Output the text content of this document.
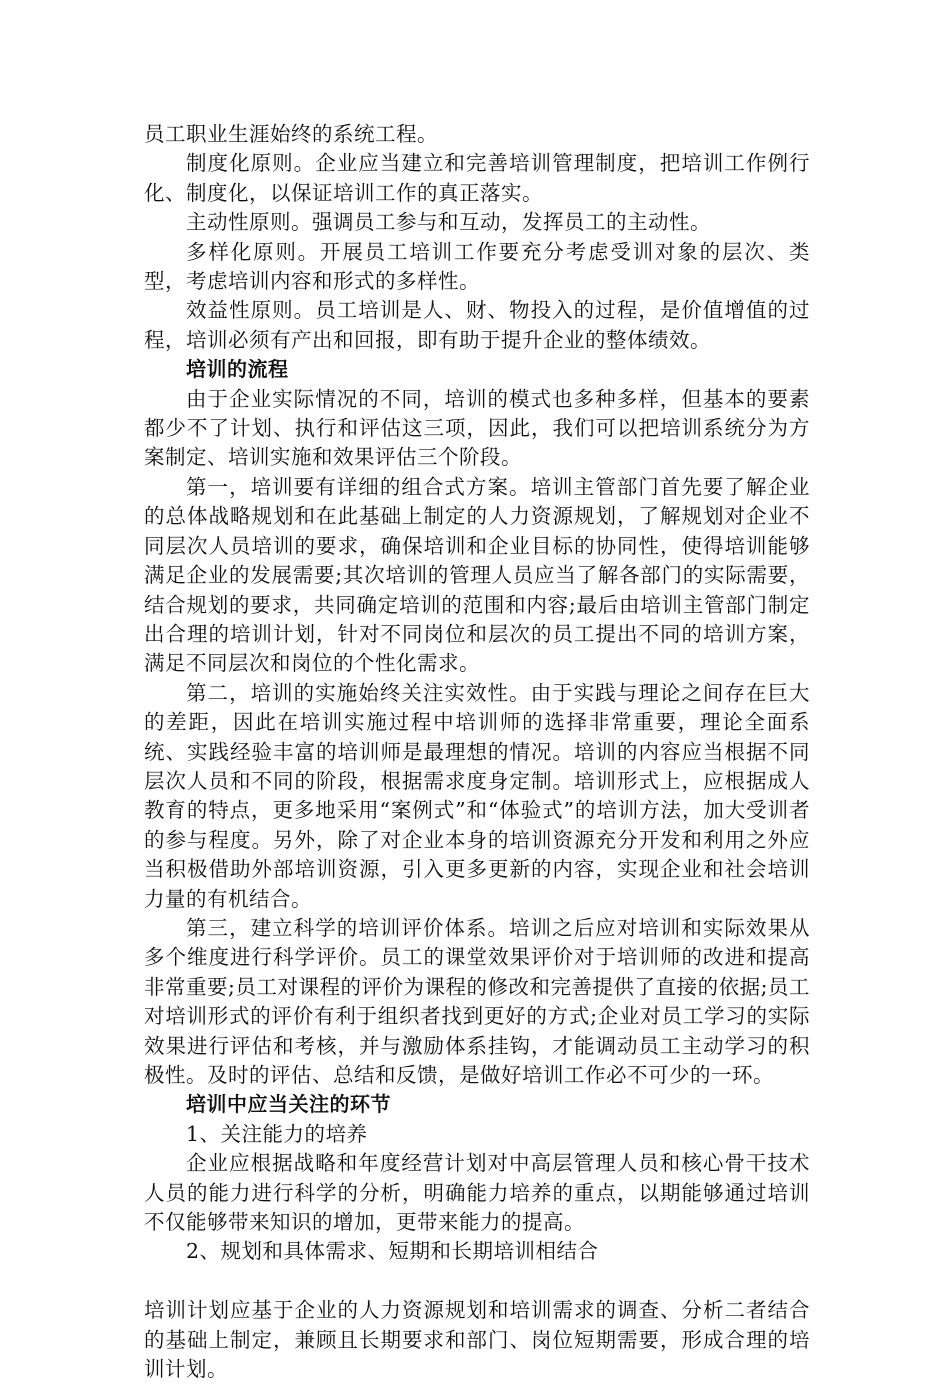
员工职业生涯始终的系统工程。

制度化原则。企业应当建立和完善培训管理制度，把培训工作例行化、制度化，以保证培训工作的真正落实。

主动性原则。强调员工参与和互动，发挥员工的主动性。

多样化原则。开展员工培训工作要充分考虑受训对象的层次、类型，考虑培训内容和形式的多样性。

效益性原则。员工培训是人、财、物投入的过程，是价值增值的过程，培训必须有产出和回报，即有助于提升企业的整体绩效。

培训的流程

由于企业实际情况的不同，培训的模式也多种多样，但基本的要素都少不了计划、执行和评估这三项，因此，我们可以把培训系统分为方案制定、培训实施和效果评估三个阶段。

第一，培训要有详细的组合式方案。培训主管部门首先要了解企业的总体战略规划和在此基础上制定的人力资源规划，了解规划对企业不同层次人员培训的要求，确保培训和企业目标的协同性，使得培训能够满足企业的发展需要;其次培训的管理人员应当了解各部门的实际需要，结合规划的要求，共同确定培训的范围和内容;最后由培训主管部门制定出合理的培训计划，针对不同岗位和层次的员工提出不同的培训方案，满足不同层次和岗位的个性化需求。

第二，培训的实施始终关注实效性。由于实践与理论之间存在巨大的差距，因此在培训实施过程中培训师的选择非常重要，理论全面系统、实践经验丰富的培训师是最理想的情况。培训的内容应当根据不同层次人员和不同的阶段，根据需求度身定制。培训形式上，应根据成人教育的特点，更多地采用“案例式”和“体验式”的培训方法，加大受训者的参与程度。另外，除了对企业本身的培训资源充分开发和利用之外应当积极借助外部培训资源，引入更多更新的内容，实现企业和社会培训力量的有机结合。

第三，建立科学的培训评价体系。培训之后应对培训和实际效果从多个维度进行科学评价。员工的课堂效果评价对于培训师的改进和提高非常重要;员工对课程的评价为课程的修改和完善提供了直接的依据;员工对培训形式的评价有利于组织者找到更好的方式;企业对员工学习的实际效果进行评估和考核，并与激励体系挂钩，才能调动员工主动学习的积极性。及时的评估、总结和反馈，是做好培训工作必不可少的一环。

培训中应当关注的环节

1、关注能力的培养

企业应根据战略和年度经营计划对中高层管理人员和核心骨干技术人员的能力进行科学的分析，明确能力培养的重点，以期能够通过培训不仅能够带来知识的增加，更带来能力的提高。

2、规划和具体需求、短期和长期培训相结合

培训计划应基于企业的人力资源规划和培训需求的调查、分析二者结合的基础上制定，兼顾且长期要求和部门、岗位短期需要，形成合理的培训计划。
